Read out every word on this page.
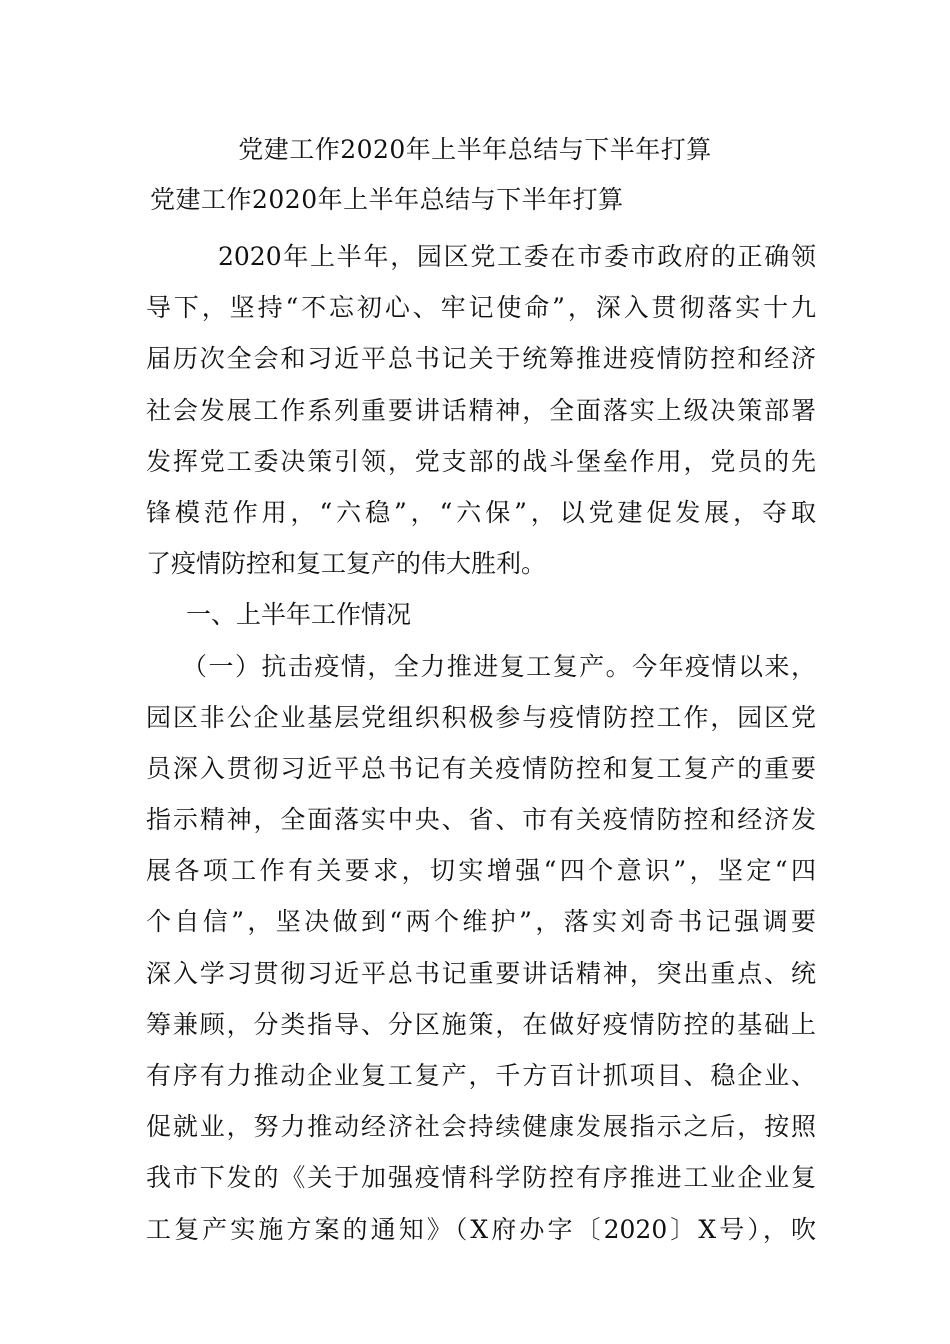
党建工作2020年上半年总结与下半年打算
党建工作2020年上半年总结与下半年打算
2020年上半年，园区党工委在市委市政府的正确领
导下，坚持“不忘初心、牢记使命”，深入贯彻落实十九
届历次全会和习近平总书记关于统筹推进疫情防控和经济
社会发展工作系列重要讲话精神，全面落实上级决策部署
发挥党工委决策引领，党支部的战斗堡垒作用，党员的先
锋模范作用，“六稳”，“六保”，以党建促发展，夺取
了疫情防控和复工复产的伟大胜利。
一、上半年工作情况
（一）抗击疫情，全力推进复工复产。今年疫情以来，
园区非公企业基层党组织积极参与疫情防控工作，园区党
员深入贯彻习近平总书记有关疫情防控和复工复产的重要
指示精神，全面落实中央、省、市有关疫情防控和经济发
展各项工作有关要求，切实增强“四个意识”，坚定“四
个自信”，坚决做到“两个维护”，落实刘奇书记强调要
深入学习贯彻习近平总书记重要讲话精神，突出重点、统
筹兼顾，分类指导、分区施策，在做好疫情防控的基础上
有序有力推动企业复工复产，千方百计抓项目、稳企业、
促就业，努力推动经济社会持续健康发展指示之后，按照
我市下发的《关于加强疫情科学防控有序推进工业企业复
工复产实施方案的通知》（X府办字〔2020〕X号），吹
